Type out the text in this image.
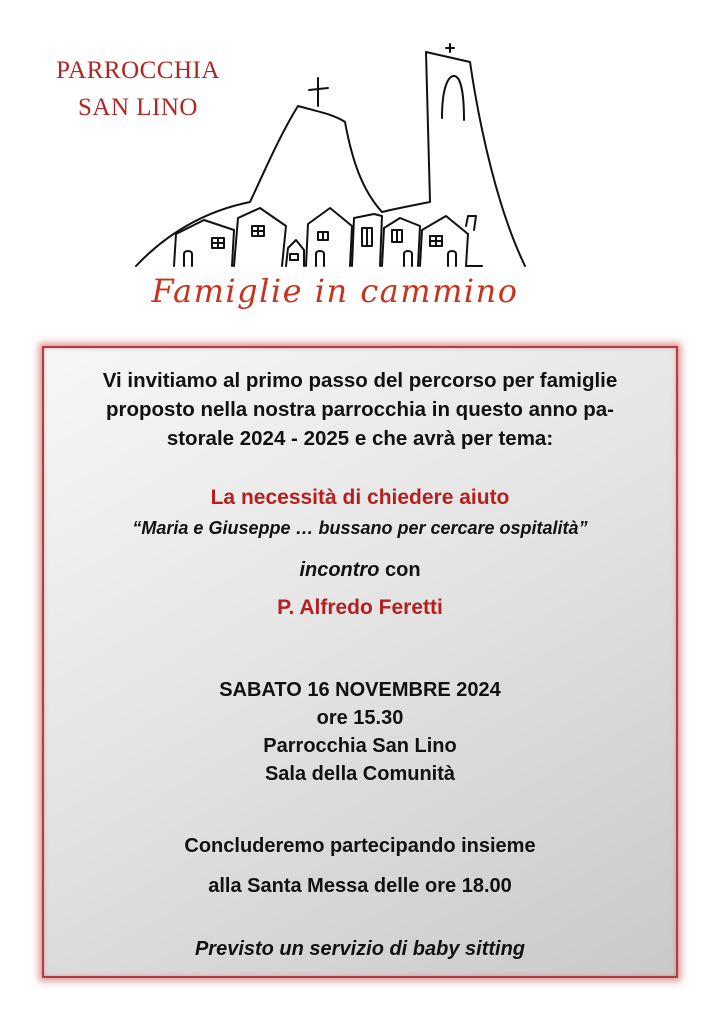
PARROCCHIA
SAN LINO
Famiglie in cammino
Vi invitiamo al primo passo del percorso per famiglie
proposto nella nostra parrocchia in questo anno pa-
storale 2024 - 2025 e che avrà per tema:
La necessità di chiedere aiuto
“Maria e Giuseppe … bussano per cercare ospitalità”
incontro con
P. Alfredo Feretti
SABATO 16 NOVEMBRE 2024
ore 15.30
Parrocchia San Lino
Sala della Comunità
Concluderemo partecipando insieme
alla Santa Messa delle ore 18.00
Previsto un servizio di baby sitting
